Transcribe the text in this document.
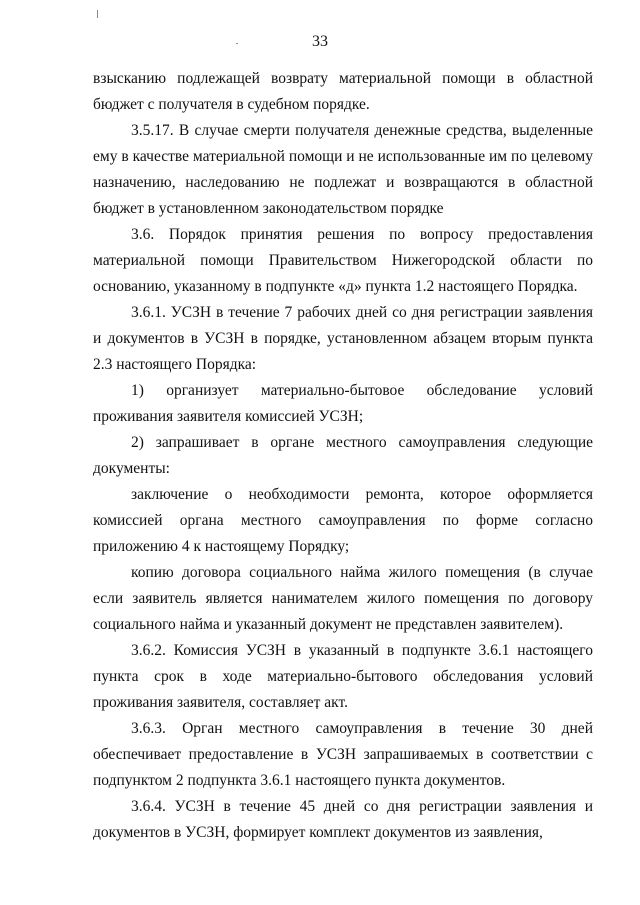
33

взысканию подлежащей возврату материальной помощи в областной бюджет с получателя в судебном порядке.

3.5.17. В случае смерти получателя денежные средства, выделенные ему в качестве материальной помощи и не использованные им по целевому назначению, наследованию не подлежат и возвращаются в областной бюджет в установленном законодательством порядке

3.6. Порядок принятия решения по вопросу предоставления материальной помощи Правительством Нижегородской области по основанию, указанному в подпункте «д» пункта 1.2 настоящего Порядка.

3.6.1. УСЗН в течение 7 рабочих дней со дня регистрации заявления и документов в УСЗН в порядке, установленном абзацем вторым пункта 2.3 настоящего Порядка:

1) организует материально-бытовое обследование условий проживания заявителя комиссией УСЗН;

2) запрашивает в органе местного самоуправления следующие документы:

заключение о необходимости ремонта, которое оформляется комиссией органа местного самоуправления по форме согласно приложению 4 к настоящему Порядку;

копию договора социального найма жилого помещения (в случае если заявитель является нанимателем жилого помещения по договору социального найма и указанный документ не представлен заявителем).

3.6.2. Комиссия УСЗН в указанный в подпункте 3.6.1 настоящего пункта срок в ходе материально-бытового обследования условий проживания заявителя, составляет акт.

3.6.3. Орган местного самоуправления в течение 30 дней обеспечивает предоставление в УСЗН запрашиваемых в соответствии с подпунктом 2 подпункта 3.6.1 настоящего пункта документов.

3.6.4. УСЗН в течение 45 дней со дня регистрации заявления и документов в УСЗН, формирует комплект документов из заявления,
